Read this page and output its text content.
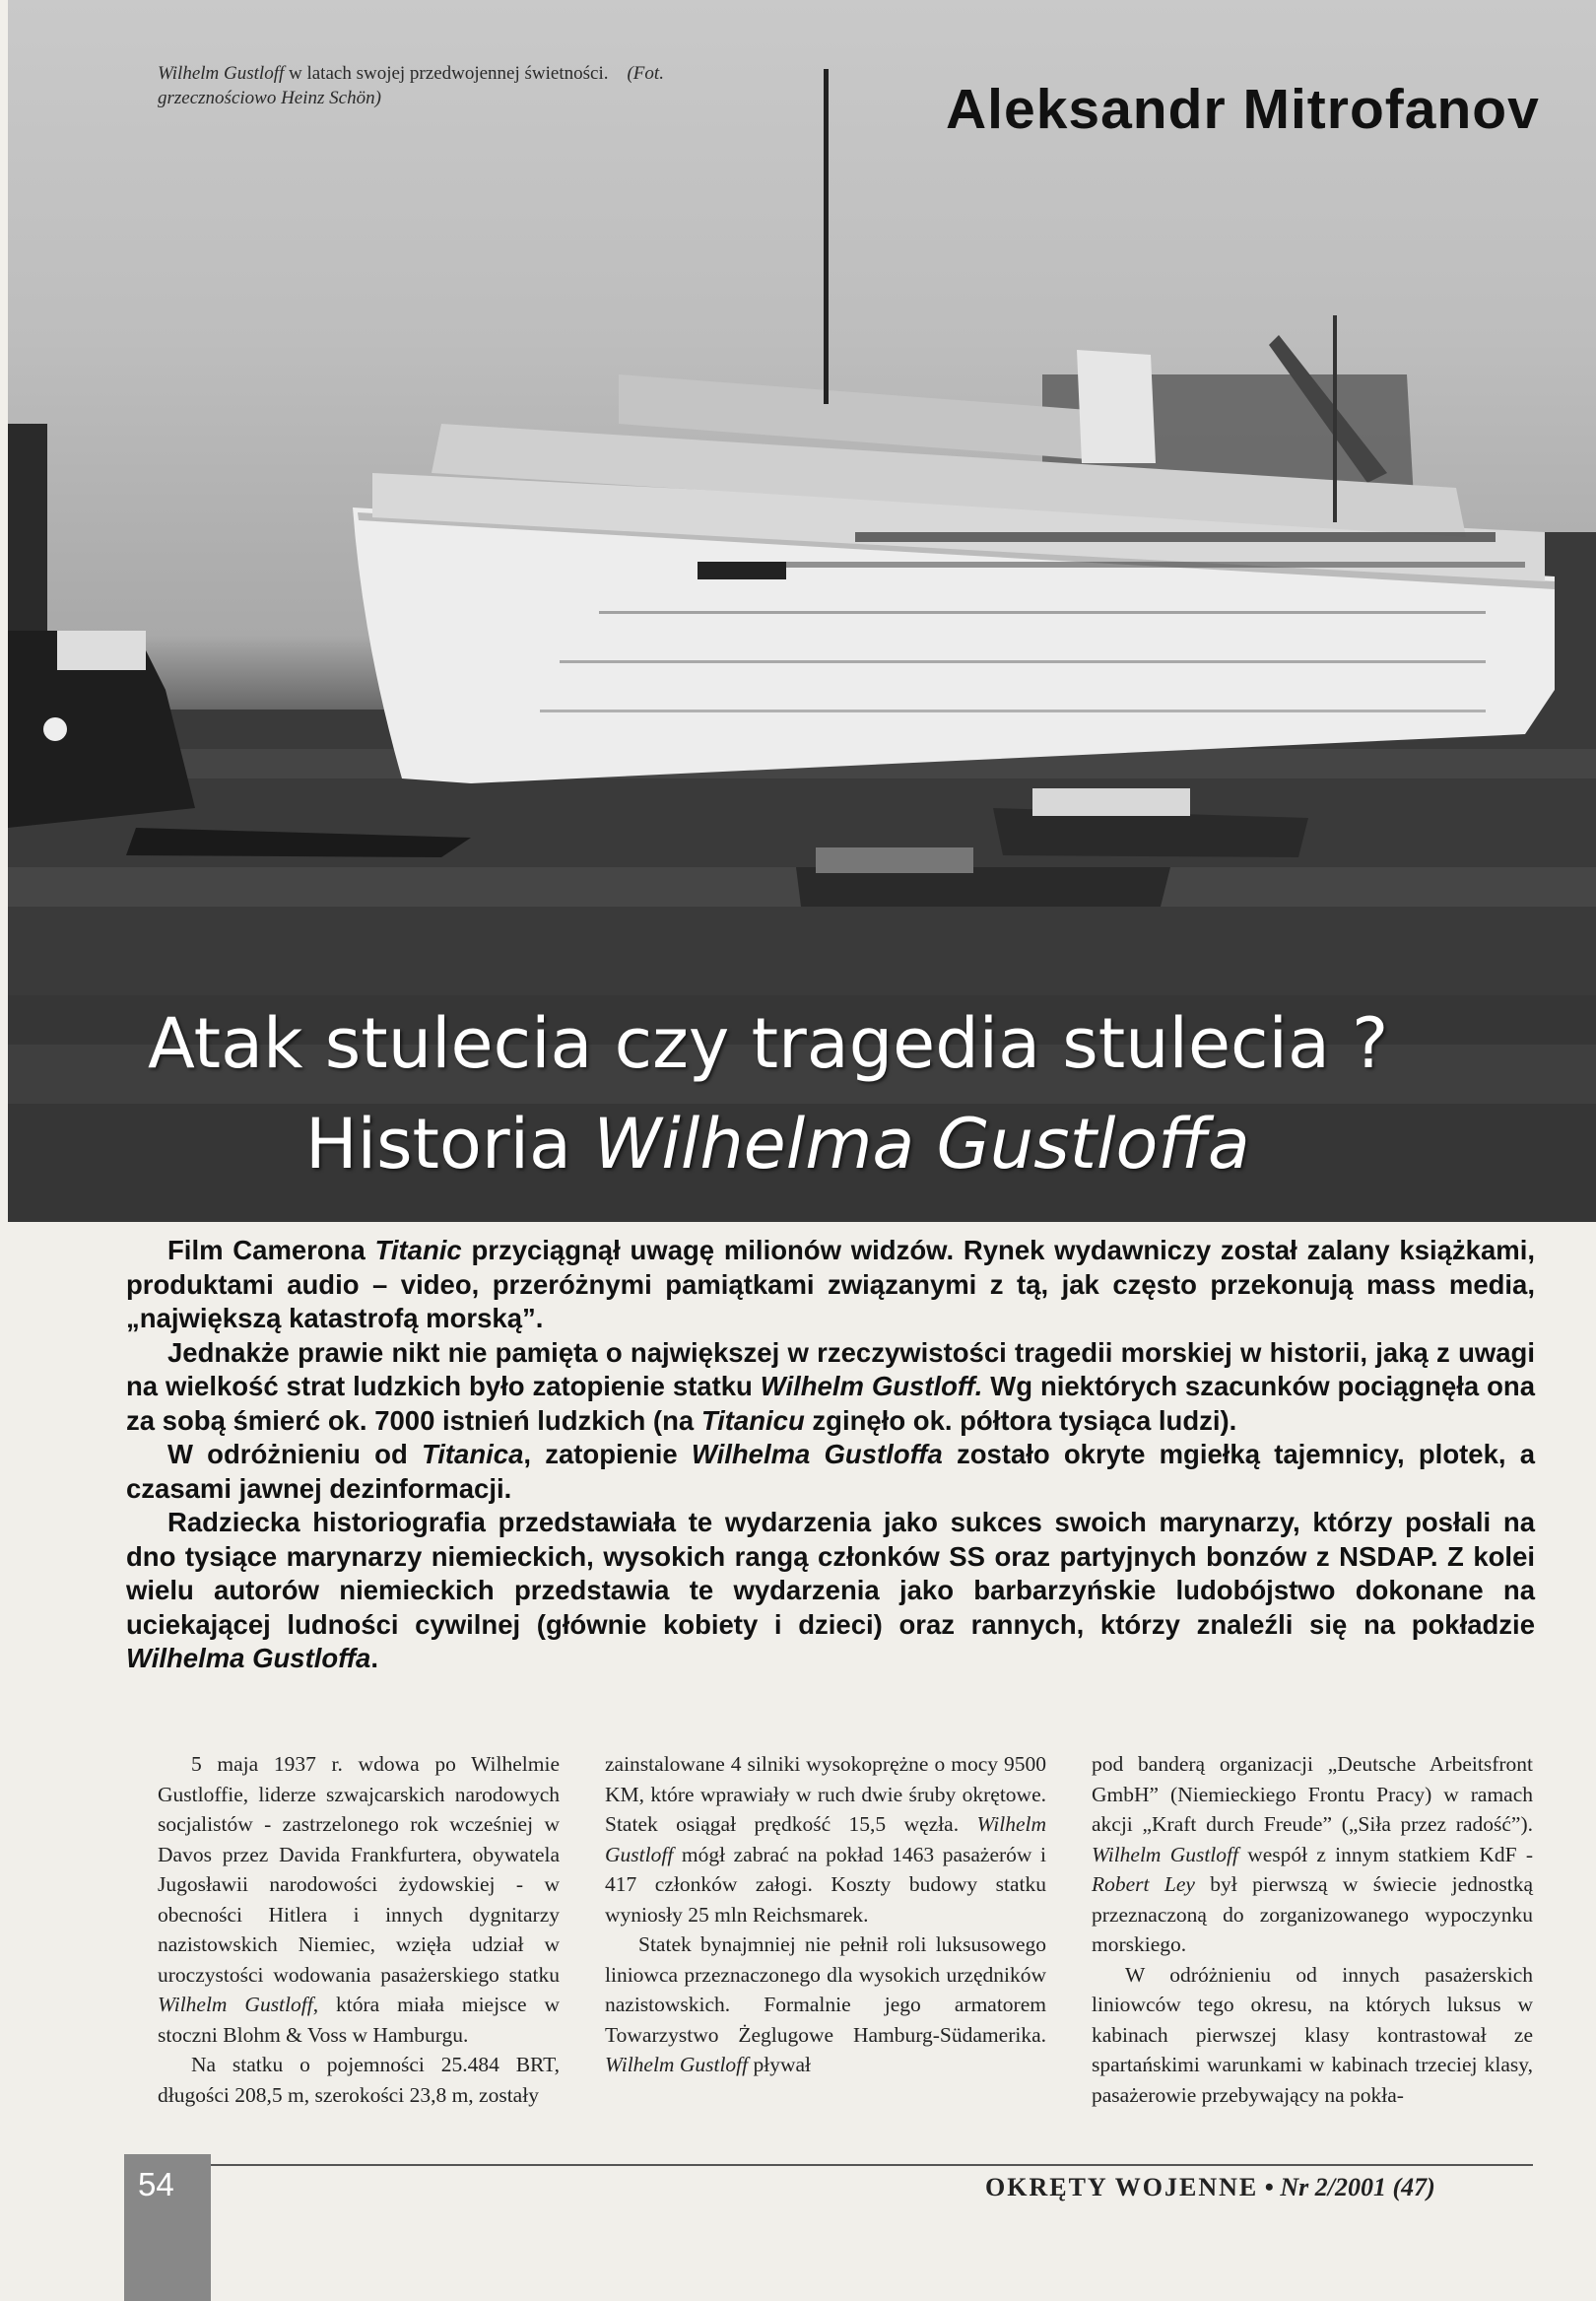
Wilhelm Gustloff w latach swojej przedwojennej świetności. (Fot. grzecznościowo Heinz Schön)	Aleksandr Mitrofanov
Atak stulecia czy tragedia stulecia ?
Historia Wilhelma Gustloffa

Film Camerona Titanic przyciągnął uwagę milionów widzów. Rynek wydawniczy został zalany książkami, produktami audio – video, przeróżnymi pamiątkami związanymi z tą, jak często przekonują mass media, „największą katastrofą morską”.

Jednakże prawie nikt nie pamięta o największej w rzeczywistości tragedii morskiej w historii, jaką z uwagi na wielkość strat ludzkich było zatopienie statku Wilhelm Gustloff. Wg niektórych szacunków pociągnęła ona za sobą śmierć ok. 7000 istnień ludzkich (na Titanicu zginęło ok. półtora tysiąca ludzi).

W odróżnieniu od Titanica, zatopienie Wilhelma Gustloffa zostało okryte mgiełką tajemnicy, plotek, a czasami jawnej dezinformacji.

Radziecka historiografia przedstawiała te wydarzenia jako sukces swoich marynarzy, którzy posłali na dno tysiące marynarzy niemieckich, wysokich rangą członków SS oraz partyjnych bonzów z NSDAP. Z kolei wielu autorów niemieckich przedstawia te wydarzenia jako barbarzyńskie ludobójstwo dokonane na uciekającej ludności cywilnej (głównie kobiety i dzieci) oraz rannych, którzy znaleźli się na pokładzie Wilhelma Gustloffa.

5 maja 1937 r. wdowa po Wilhelmie Gustloffie, liderze szwajcarskich narodowych socjalistów - zastrzelonego rok wcześniej w Davos przez Davida Frankfurtera, obywatela Jugosławii narodowości żydowskiej - w obecności Hitlera i innych dygnitarzy nazistowskich Niemiec, wzięła udział w uroczystości wodowania pasażerskiego statku Wilhelm Gustloff, która miała miejsce w stoczni Blohm & Voss w Hamburgu.

Na statku o pojemności 25.484 BRT, długości 208,5 m, szerokości 23,8 m, zostały

zainstalowane 4 silniki wysokoprężne o mocy 9500 KM, które wprawiały w ruch dwie śruby okrętowe. Statek osiągał prędkość 15,5 węzła. Wilhelm Gustloff mógł zabrać na pokład 1463 pasażerów i 417 członków załogi. Koszty budowy statku wyniosły 25 mln Reichsmarek.

Statek bynajmniej nie pełnił roli luksusowego liniowca przeznaczonego dla wysokich urzędników nazistowskich. Formalnie jego armatorem Towarzystwo Żeglugowe Hamburg-Südamerika. Wilhelm Gustloff pływał

pod banderą organizacji „Deutsche Arbeitsfront GmbH” (Niemieckiego Frontu Pracy) w ramach akcji „Kraft durch Freude” („Siła przez radość”). Wilhelm Gustloff wespół z innym statkiem KdF - Robert Ley był pierwszą w świecie jednostką przeznaczoną do zorganizowanego wypoczynku morskiego.

W odróżnieniu od innych pasażerskich liniowców tego okresu, na których luksus w kabinach pierwszej klasy kontrastował ze spartańskimi warunkami w kabinach trzeciej klasy, pasażerowie przebywający na pokła-

54	OKRĘTY WOJENNE • Nr 2/2001 (47)
